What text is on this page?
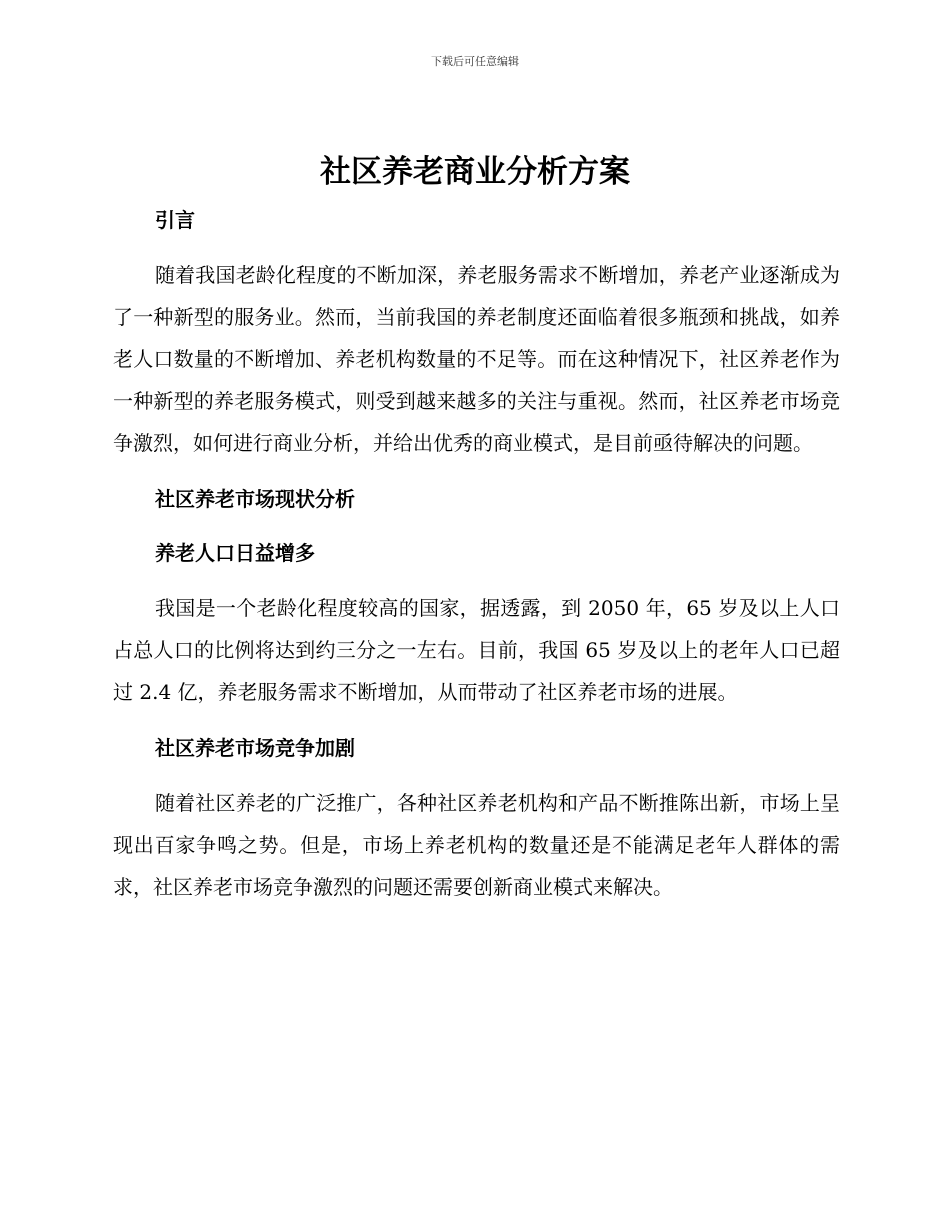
下载后可任意编辑
社区养老商业分析方案
引言

随着我国老龄化程度的不断加深，养老服务需求不断增加，养老产业逐渐成为了一种新型的服务业。然而，当前我国的养老制度还面临着很多瓶颈和挑战，如养老人口数量的不断增加、养老机构数量的不足等。而在这种情况下，社区养老作为一种新型的养老服务模式，则受到越来越多的关注与重视。然而，社区养老市场竞争激烈，如何进行商业分析，并给出优秀的商业模式，是目前亟待解决的问题。

社区养老市场现状分析
养老人口日益增多

我国是一个老龄化程度较高的国家，据透露，到 2050 年，65 岁及以上人口占总人口的比例将达到约三分之一左右。目前，我国 65 岁及以上的老年人口已超过 2.4 亿，养老服务需求不断增加，从而带动了社区养老市场的进展。

社区养老市场竞争加剧

随着社区养老的广泛推广，各种社区养老机构和产品不断推陈出新，市场上呈现出百家争鸣之势。但是，市场上养老机构的数量还是不能满足老年人群体的需求，社区养老市场竞争激烈的问题还需要创新商业模式来解决。
